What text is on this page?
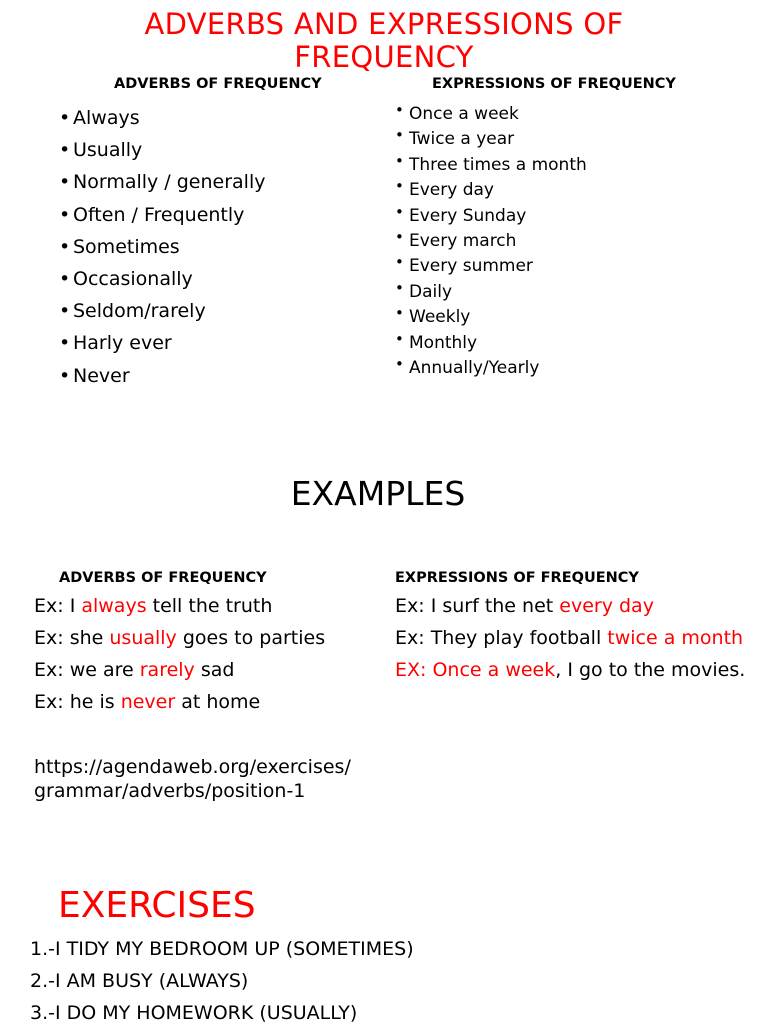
ADVERBS AND EXPRESSIONS OF
FREQUENCY
ADVERBS OF FREQUENCY	EXPRESSIONS OF FREQUENCY
• Always
• Usually
• Normally / generally
• Often / Frequently
• Sometimes
• Occasionally
• Seldom/rarely
• Harly ever
• Never
• Once a week
• Twice a year
• Three times a month
• Every day
• Every Sunday
• Every march
• Every summer
• Daily
• Weekly
• Monthly
• Annually/Yearly
EXAMPLES
ADVERBS OF FREQUENCY	EXPRESSIONS OF FREQUENCY
Ex: I always tell the truth
Ex: she usually goes to parties
Ex: we are rarely sad
Ex: he is never at home
Ex: I surf the net every day
Ex: They play football twice a month
EX: Once a week, I go to the movies.
https://agendaweb.org/exercises/
grammar/adverbs/position-1
EXERCISES
1.-I TIDY MY BEDROOM UP (SOMETIMES)
2.-I AM BUSY (ALWAYS)
3.-I DO MY HOMEWORK (USUALLY)
